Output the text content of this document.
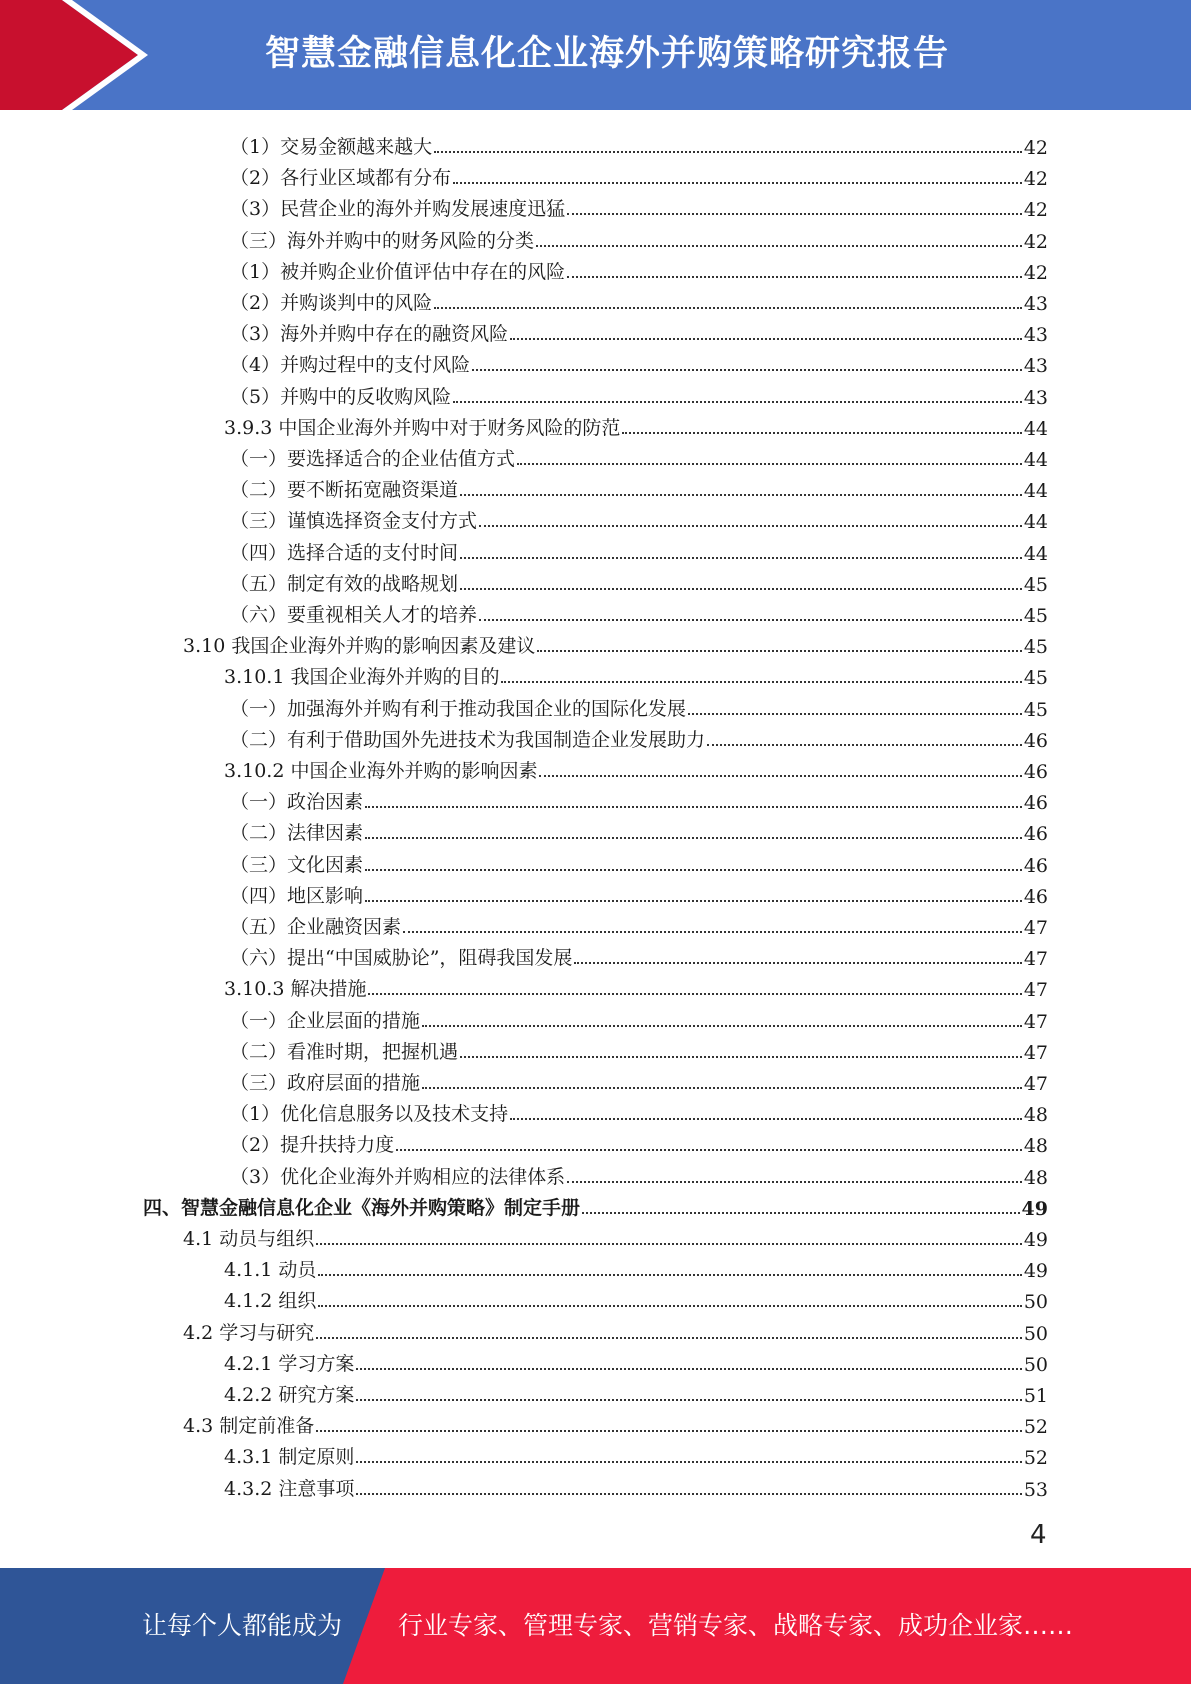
智慧金融信息化企业海外并购策略研究报告
（1）交易金额越来越大	42
（2）各行业区域都有分布	42
（3）民营企业的海外并购发展速度迅猛	42
（三）海外并购中的财务风险的分类	42
（1）被并购企业价值评估中存在的风险	42
（2）并购谈判中的风险	43
（3）海外并购中存在的融资风险	43
（4）并购过程中的支付风险	43
（5）并购中的反收购风险	43
3.9.3 中国企业海外并购中对于财务风险的防范	44
（一）要选择适合的企业估值方式	44
（二）要不断拓宽融资渠道	44
（三）谨慎选择资金支付方式	44
（四）选择合适的支付时间	44
（五）制定有效的战略规划	45
（六）要重视相关人才的培养	45
3.10 我国企业海外并购的影响因素及建议	45
3.10.1 我国企业海外并购的目的	45
（一）加强海外并购有利于推动我国企业的国际化发展	45
（二）有利于借助国外先进技术为我国制造企业发展助力	46
3.10.2 中国企业海外并购的影响因素	46
（一）政治因素	46
（二）法律因素	46
（三）文化因素	46
（四）地区影响	46
（五）企业融资因素	47
（六）提出“中国威胁论”，阻碍我国发展	47
3.10.3 解决措施	47
（一）企业层面的措施	47
（二）看准时期，把握机遇	47
（三）政府层面的措施	47
（1）优化信息服务以及技术支持	48
（2）提升扶持力度	48
（3）优化企业海外并购相应的法律体系	48
四、智慧金融信息化企业《海外并购策略》制定手册	49
4.1 动员与组织	49
4.1.1 动员	49
4.1.2 组织	50
4.2 学习与研究	50
4.2.1 学习方案	50
4.2.2 研究方案	51
4.3 制定前准备	52
4.3.1 制定原则	52
4.3.2 注意事项	53
4
让每个人都能成为 行业专家、管理专家、营销专家、战略专家、成功企业家……
